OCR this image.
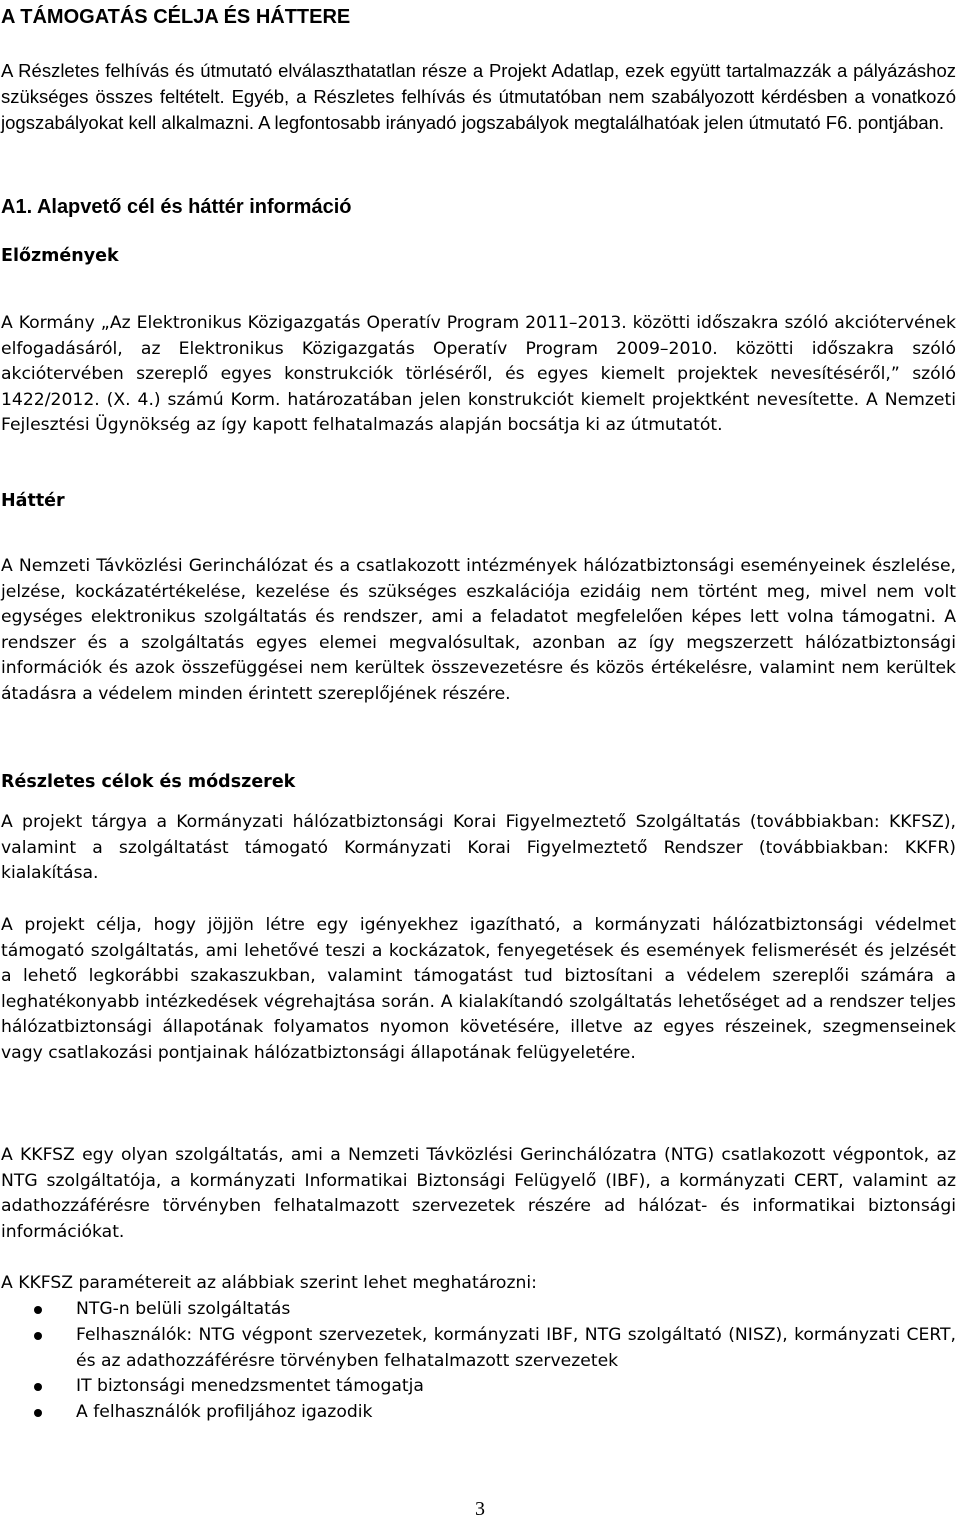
A TÁMOGATÁS CÉLJA ÉS HÁTTERE

A Részletes felhívás és útmutató elválaszthatatlan része a Projekt Adatlap, ezek együtt tartalmazzák a pályázáshoz szükséges összes feltételt. Egyéb, a Részletes felhívás és útmutatóban nem szabályozott kérdésben a vonatkozó jogszabályokat kell alkalmazni. A legfontosabb irányadó jogszabályok megtalálhatóak jelen útmutató F6. pontjában.

A1. Alapvető cél és háttér információ
Előzmények

A Kormány „Az Elektronikus Közigazgatás Operatív Program 2011–2013. közötti időszakra szóló akciótervének elfogadásáról, az Elektronikus Közigazgatás Operatív Program 2009–2010. közötti időszakra szóló akciótervében szereplő egyes konstrukciók törléséről, és egyes kiemelt projektek nevesítéséről,” szóló 1422/2012. (X. 4.) számú Korm. határozatában jelen konstrukciót kiemelt projektként nevesítette. A Nemzeti Fejlesztési Ügynökség az így kapott felhatalmazás alapján bocsátja ki az útmutatót.

Háttér

A Nemzeti Távközlési Gerinchálózat és a csatlakozott intézmények hálózatbiztonsági eseményeinek észlelése, jelzése, kockázatértékelése, kezelése és szükséges eszkalációja ezidáig nem történt meg, mivel nem volt egységes elektronikus szolgáltatás és rendszer, ami a feladatot megfelelően képes lett volna támogatni. A rendszer és a szolgáltatás egyes elemei megvalósultak, azonban az így megszerzett hálózatbiztonsági információk és azok összefüggései nem kerültek összevezetésre és közös értékelésre, valamint nem kerültek átadásra a védelem minden érintett szereplőjének részére.

Részletes célok és módszerek

A projekt tárgya a Kormányzati hálózatbiztonsági Korai Figyelmeztető Szolgáltatás (továbbiakban: KKFSZ), valamint a szolgáltatást támogató Kormányzati Korai Figyelmeztető Rendszer (továbbiakban: KKFR) kialakítása.

A projekt célja, hogy jöjjön létre egy igényekhez igazítható, a kormányzati hálózatbiztonsági védelmet támogató szolgáltatás, ami lehetővé teszi a kockázatok, fenyegetések és események felismerését és jelzését a lehető legkorábbi szakaszukban, valamint támogatást tud biztosítani a védelem szereplői számára a leghatékonyabb intézkedések végrehajtása során. A kialakítandó szolgáltatás lehetőséget ad a rendszer teljes hálózatbiztonsági állapotának folyamatos nyomon követésére, illetve az egyes részeinek, szegmenseinek vagy csatlakozási pontjainak hálózatbiztonsági állapotának felügyeletére.

A KKFSZ egy olyan szolgáltatás, ami a Nemzeti Távközlési Gerinchálózatra (NTG) csatlakozott végpontok, az NTG szolgáltatója, a kormányzati Informatikai Biztonsági Felügyelő (IBF), a kormányzati CERT, valamint az adathozzáférésre törvényben felhatalmazott szervezetek részére ad hálózat- és informatikai biztonsági információkat.

A KKFSZ paramétereit az alábbiak szerint lehet meghatározni:

NTG-n belüli szolgáltatás
Felhasználók: NTG végpont szervezetek, kormányzati IBF, NTG szolgáltató (NISZ), kormányzati CERT, és az adathozzáférésre törvényben felhatalmazott szervezetek
IT biztonsági menedzsmentet támogatja
A felhasználók profiljához igazodik

3
